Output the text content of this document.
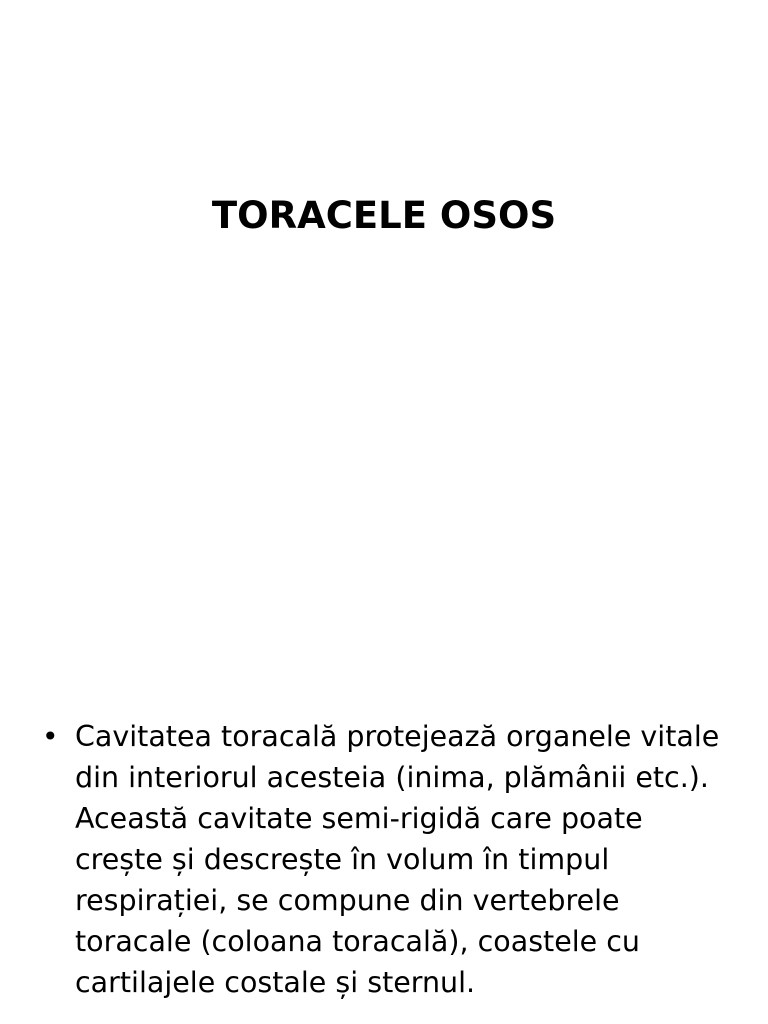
TORACELE OSOS
• Cavitatea toracală protejează organele vitale din interiorul acesteia (inima, plămânii etc.). Această cavitate semi-rigidă care poate crește și descrește în volum în timpul respirației, se compune din vertebrele toracale (coloana toracală), coastele cu cartilajele costale și sternul.
